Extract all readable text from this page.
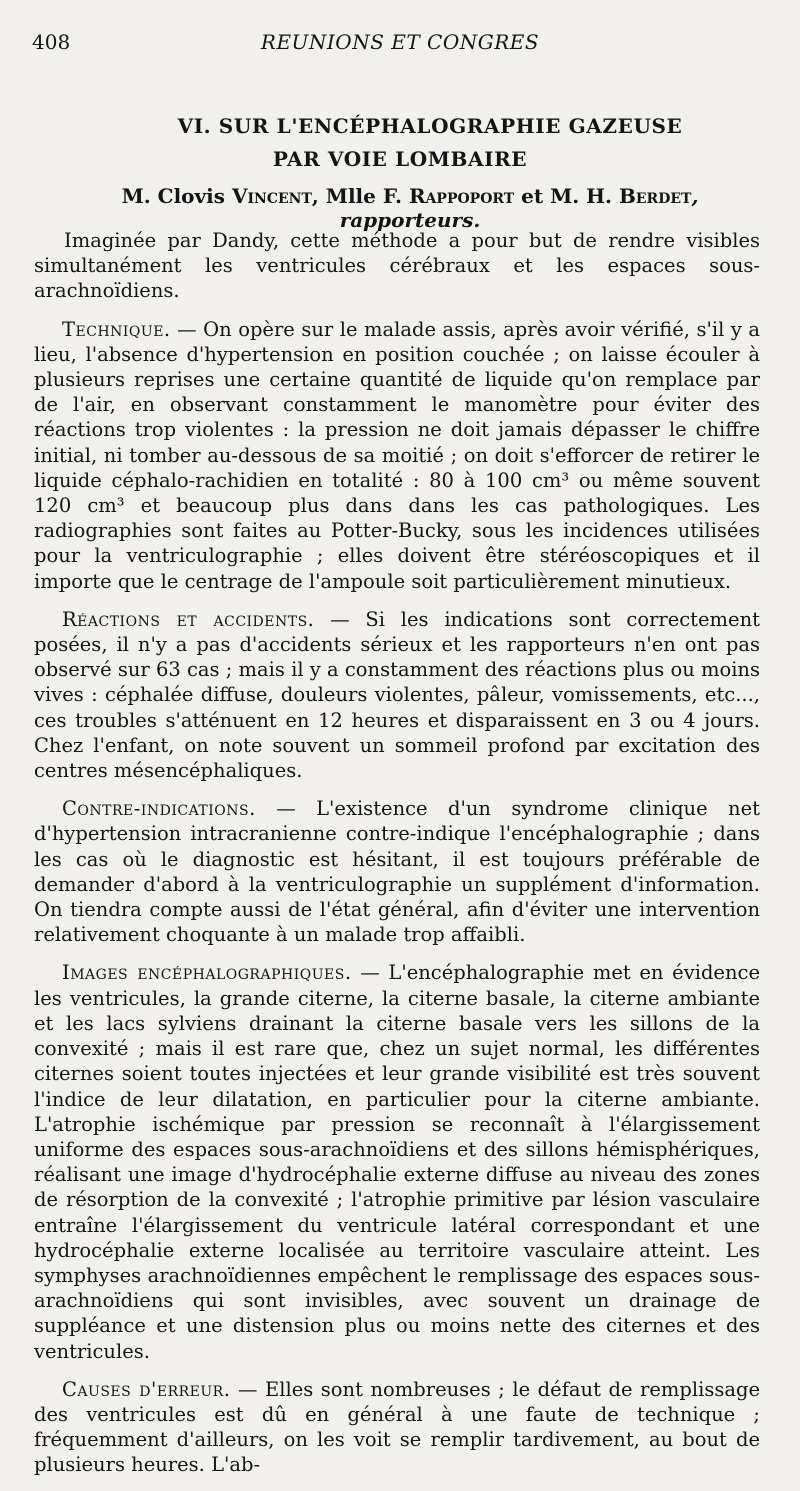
408	REUNIONS ET CONGRES
VI. SUR L'ENCÉPHALOGRAPHIE GAZEUSE
PAR VOIE LOMBAIRE
M. Clovis Vincent, Mlle F. Rappoport et M. H. Berdet, rapporteurs.

Imaginée par Dandy, cette méthode a pour but de rendre visibles simultanément les ventricules cérébraux et les espaces sous-arachnoïdiens.

Technique. — On opère sur le malade assis, après avoir vérifié, s'il y a lieu, l'absence d'hypertension en position couchée ; on laisse écouler à plusieurs reprises une certaine quantité de liquide qu'on remplace par de l'air, en observant constamment le manomètre pour éviter des réactions trop violentes : la pression ne doit jamais dépasser le chiffre initial, ni tomber au-dessous de sa moitié ; on doit s'efforcer de retirer le liquide céphalo-rachidien en totalité : 80 à 100 cm³ ou même souvent 120 cm³ et beaucoup plus dans dans les cas pathologiques. Les radiographies sont faites au Potter-Bucky, sous les incidences utilisées pour la ventriculographie ; elles doivent être stéréoscopiques et il importe que le centrage de l'ampoule soit particulièrement minutieux.

Réactions et accidents. — Si les indications sont correctement posées, il n'y a pas d'accidents sérieux et les rapporteurs n'en ont pas observé sur 63 cas ; mais il y a constamment des réactions plus ou moins vives : céphalée diffuse, douleurs violentes, pâleur, vomissements, etc..., ces troubles s'atténuent en 12 heures et disparaissent en 3 ou 4 jours. Chez l'enfant, on note souvent un sommeil profond par excitation des centres mésencéphaliques.

Contre-indications. — L'existence d'un syndrome clinique net d'hypertension intracranienne contre-indique l'encéphalographie ; dans les cas où le diagnostic est hésitant, il est toujours préférable de demander d'abord à la ventriculographie un supplément d'information. On tiendra compte aussi de l'état général, afin d'éviter une intervention relativement choquante à un malade trop affaibli.

Images encéphalographiques. — L'encéphalographie met en évidence les ventricules, la grande citerne, la citerne basale, la citerne ambiante et les lacs sylviens drainant la citerne basale vers les sillons de la convexité ; mais il est rare que, chez un sujet normal, les différentes citernes soient toutes injectées et leur grande visibilité est très souvent l'indice de leur dilatation, en particulier pour la citerne ambiante. L'atrophie ischémique par pression se reconnaît à l'élargissement uniforme des espaces sous-arachnoïdiens et des sillons hémisphériques, réalisant une image d'hydrocéphalie externe diffuse au niveau des zones de résorption de la convexité ; l'atrophie primitive par lésion vasculaire entraîne l'élargissement du ventricule latéral correspondant et une hydrocéphalie externe localisée au territoire vasculaire atteint. Les symphyses arachnoïdiennes empêchent le remplissage des espaces sous-arachnoïdiens qui sont invisibles, avec souvent un drainage de suppléance et une distension plus ou moins nette des citernes et des ventricules.

Causes d'erreur. — Elles sont nombreuses ; le défaut de remplissage des ventricules est dû en général à une faute de technique ; fréquemment d'ailleurs, on les voit se remplir tardivement, au bout de plusieurs heures. L'ab-
